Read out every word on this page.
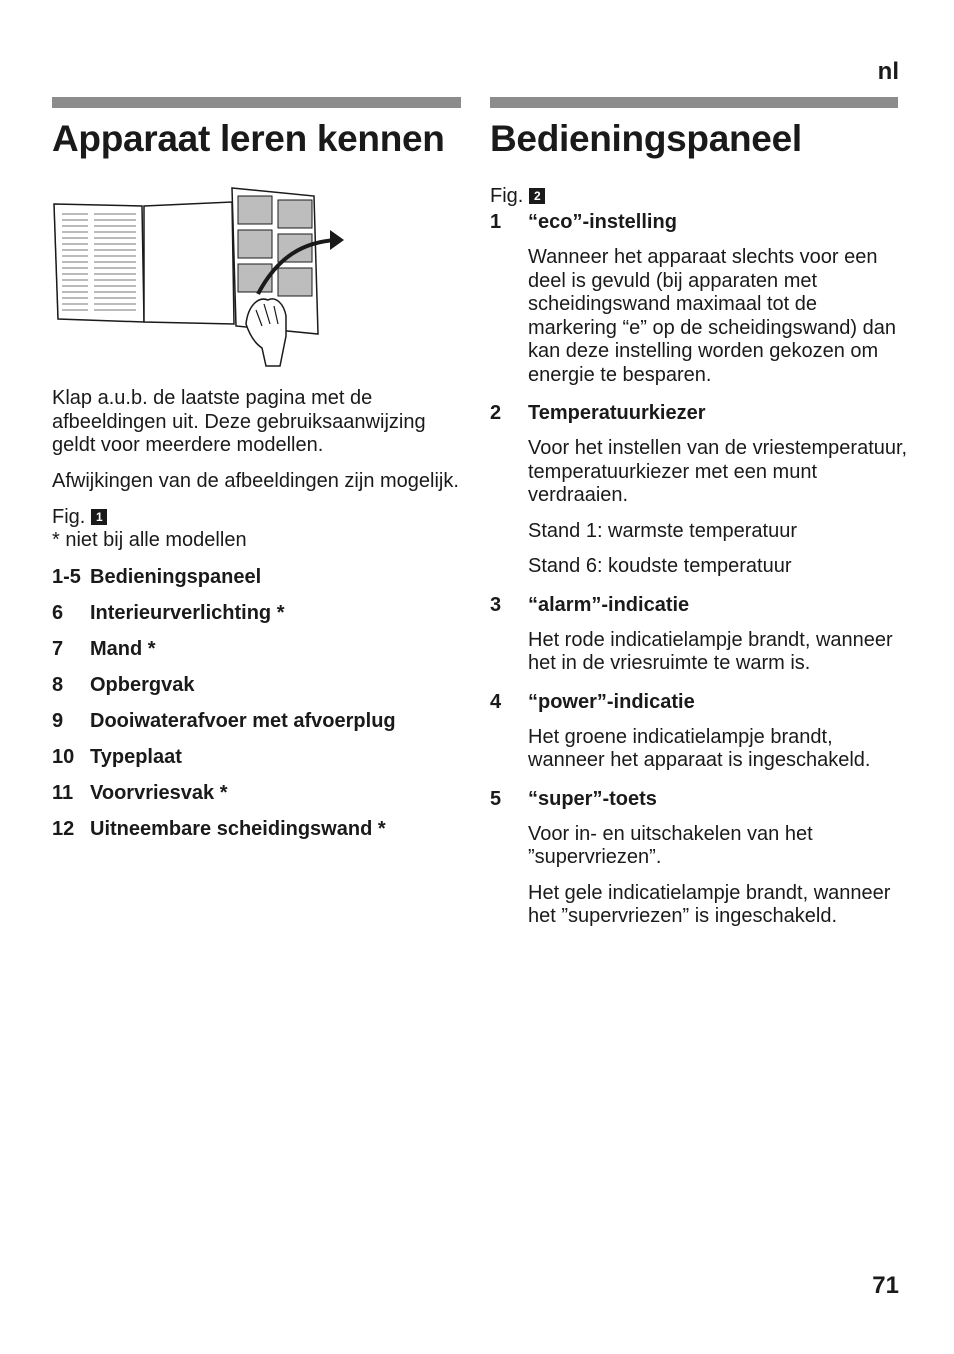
nl
Apparaat leren kennen

Klap a.u.b. de laatste pagina met de afbeeldingen uit. Deze gebruiksaanwijzing geldt voor meerdere modellen.

Afwijkingen van de afbeeldingen zijn mogelijk.

Fig. 1

* niet bij alle modellen

1-5 Bedieningspaneel
6	Interieurverlichting *
7	Mand *
8	Opbergvak
9	Dooiwaterafvoer met afvoerplug
10 Typeplaat
11 Voorvriesvak *
12 Uitneembare scheidingswand *
Bedieningspaneel
Fig. 2
1	“eco”-instelling

Wanneer het apparaat slechts voor een deel is gevuld (bij apparaten met scheidingswand maximaal tot de markering “e” op de scheidingswand) dan kan deze instelling worden gekozen om energie te besparen.

2	Temperatuurkiezer

Voor het instellen van de vriestemperatuur, temperatuurkiezer met een munt verdraaien.

Stand 1: warmste temperatuur

Stand 6: koudste temperatuur

3	“alarm”-indicatie

Het rode indicatielampje brandt, wanneer het in de vriesruimte te warm is.

4	“power”-indicatie

Het groene indicatielampje brandt, wanneer het apparaat is ingeschakeld.

5	“super”-toets

Voor in- en uitschakelen van het ”supervriezen”.

Het gele indicatielampje brandt, wanneer het ”supervriezen” is ingeschakeld.

71
